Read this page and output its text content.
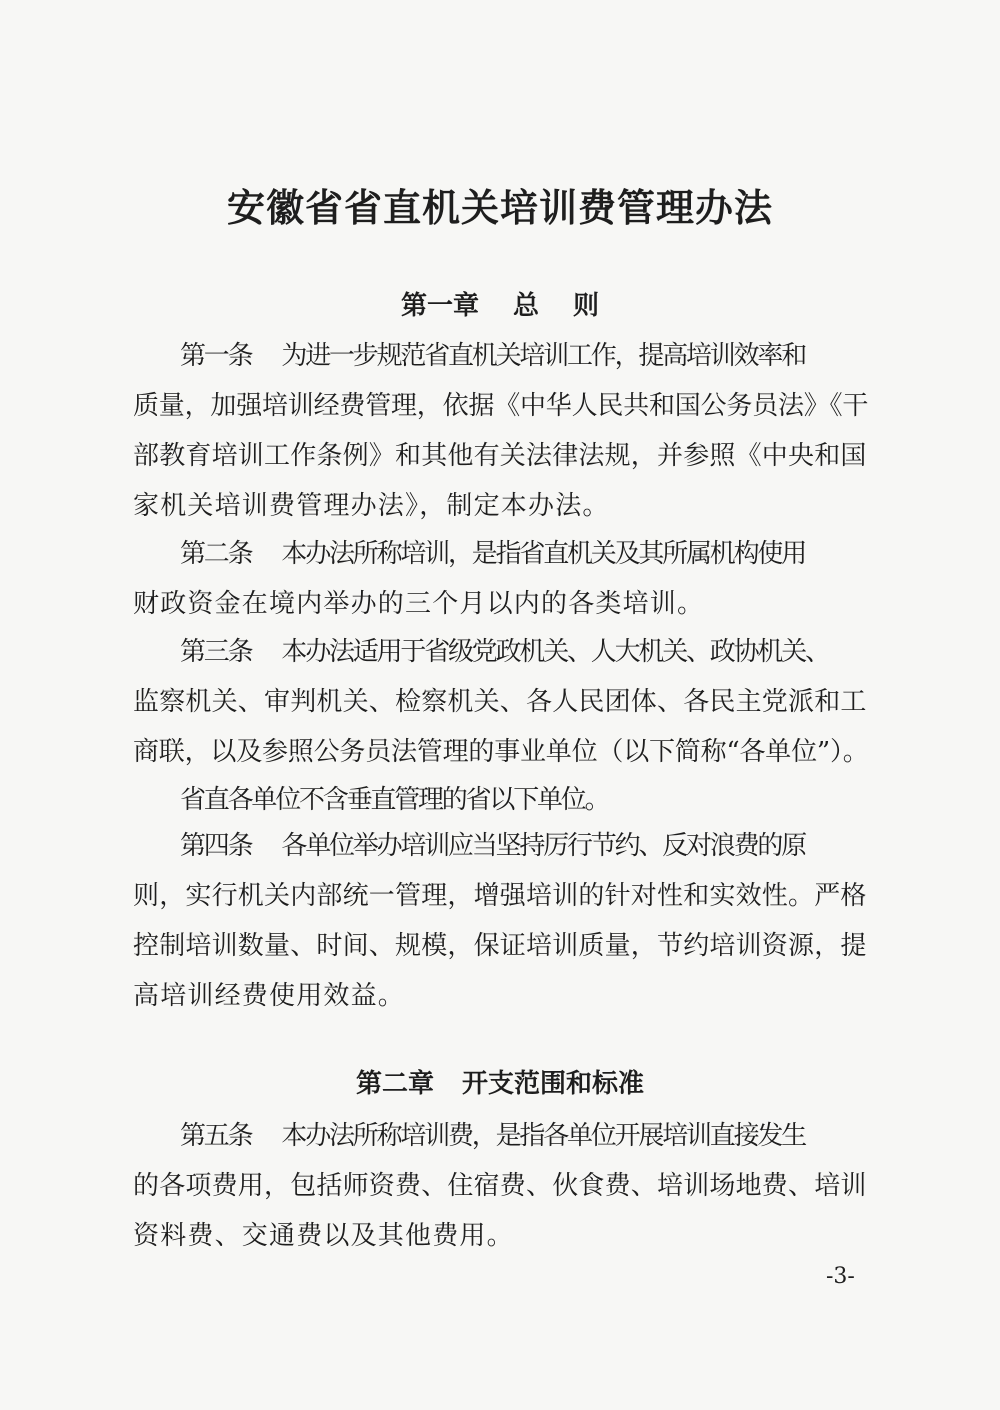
安徽省省直机关培训费管理办法
第一章 总 则
第一条 为进一步规范省直机关培训工作，提高培训效率和
质量，加强培训经费管理，依据《中华人民共和国公务员法》《干
部教育培训工作条例》和其他有关法律法规，并参照《中央和国
家机关培训费管理办法》，制定本办法。
第二条 本办法所称培训，是指省直机关及其所属机构使用
财政资金在境内举办的三个月以内的各类培训。
第三条 本办法适用于省级党政机关、人大机关、政协机关、
监察机关、审判机关、检察机关、各人民团体、各民主党派和工
商联，以及参照公务员法管理的事业单位（以下简称“各单位”）。
省直各单位不含垂直管理的省以下单位。
第四条 各单位举办培训应当坚持厉行节约、反对浪费的原
则，实行机关内部统一管理，增强培训的针对性和实效性。严格
控制培训数量、时间、规模，保证培训质量，节约培训资源，提
高培训经费使用效益。
第二章 开支范围和标准
第五条 本办法所称培训费，是指各单位开展培训直接发生
的各项费用，包括师资费、住宿费、伙食费、培训场地费、培训
资料费、交通费以及其他费用。
-3-
